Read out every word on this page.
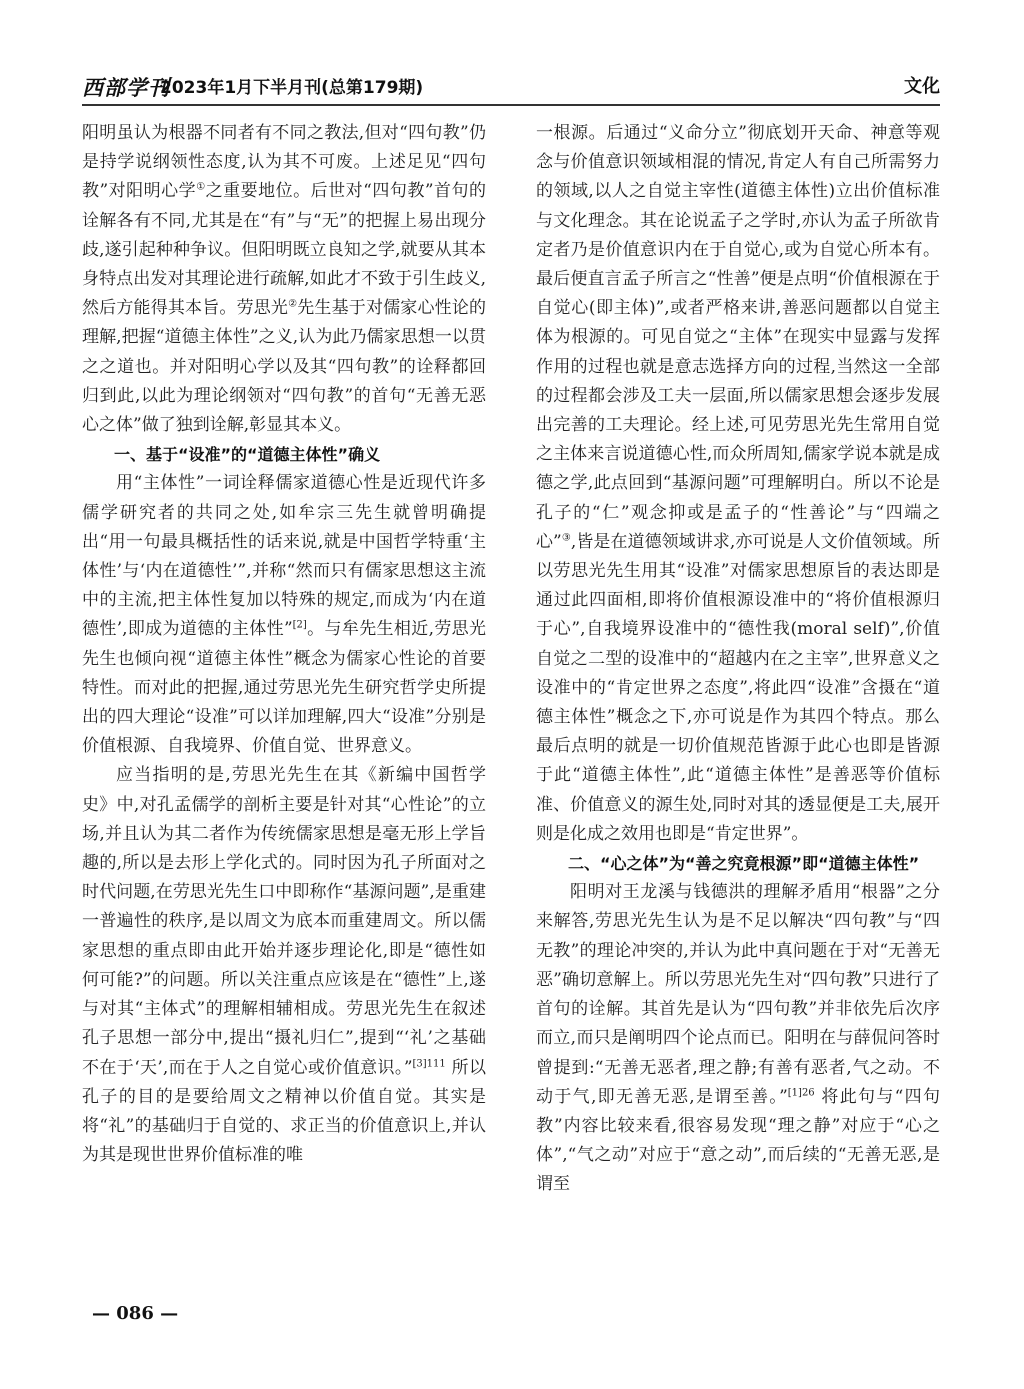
西部学刊
2023年1月下半月刊(总第179期)	文化

阳明虽认为根器不同者有不同之教法,但对“四句教”仍是持学说纲领性态度,认为其不可废。上述足见“四句教”对阳明心学①之重要地位。后世对“四句教”首句的诠解各有不同,尤其是在“有”与“无”的把握上易出现分歧,遂引起种种争议。但阳明既立良知之学,就要从其本身特点出发对其理论进行疏解,如此才不致于引生歧义,然后方能得其本旨。劳思光②先生基于对儒家心性论的理解,把握“道德主体性”之义,认为此乃儒家思想一以贯之之道也。并对阳明心学以及其“四句教”的诠释都回归到此,以此为理论纲领对“四句教”的首句“无善无恶心之体”做了独到诠解,彰显其本义。

一、基于“设准”的“道德主体性”确义

用“主体性”一词诠释儒家道德心性是近现代许多儒学研究者的共同之处,如牟宗三先生就曾明确提出“用一句最具概括性的话来说,就是中国哲学特重‘主体性’与‘内在道德性’”,并称“然而只有儒家思想这主流中的主流,把主体性复加以特殊的规定,而成为‘内在道德性’,即成为道德的主体性”[2]。与牟先生相近,劳思光先生也倾向视“道德主体性”概念为儒家心性论的首要特性。而对此的把握,通过劳思光先生研究哲学史所提出的四大理论“设准”可以详加理解,四大“设准”分别是价值根源、自我境界、价值自觉、世界意义。

应当指明的是,劳思光先生在其《新编中国哲学史》中,对孔孟儒学的剖析主要是针对其“心性论”的立场,并且认为其二者作为传统儒家思想是毫无形上学旨趣的,所以是去形上学化式的。同时因为孔子所面对之时代问题,在劳思光先生口中即称作“基源问题”,是重建一普遍性的秩序,是以周文为底本而重建周文。所以儒家思想的重点即由此开始并逐步理论化,即是“德性如何可能?”的问题。所以关注重点应该是在“德性”上,遂与对其“主体式”的理解相辅相成。劳思光先生在叙述孔子思想一部分中,提出“摄礼归仁”,提到“‘礼’之基础不在于‘天’,而在于人之自觉心或价值意识。”$^{[3]111}$ 所以孔子的目的是要给周文之精神以价值自觉。其实是将“礼”的基础归于自觉的、求正当的价值意识上,并认为其是现世世界价值标准的唯

一根源。后通过“义命分立”彻底划开天命、神意等观念与价值意识领域相混的情况,肯定人有自己所需努力的领域,以人之自觉主宰性(道德主体性)立出价值标准与文化理念。其在论说孟子之学时,亦认为孟子所欲肯定者乃是价值意识内在于自觉心,或为自觉心所本有。最后便直言孟子所言之“性善”便是点明“价值根源在于自觉心(即主体)”,或者严格来讲,善恶问题都以自觉主体为根源的。可见自觉之“主体”在现实中显露与发挥作用的过程也就是意志选择方向的过程,当然这一全部的过程都会涉及工夫一层面,所以儒家思想会逐步发展出完善的工夫理论。经上述,可见劳思光先生常用自觉之主体来言说道德心性,而众所周知,儒家学说本就是成德之学,此点回到“基源问题”可理解明白。所以不论是孔子的“仁”观念抑或是孟子的“性善论”与“四端之心”③,皆是在道德领域讲求,亦可说是人文价值领域。所以劳思光先生用其“设准”对儒家思想原旨的表达即是通过此四面相,即将价值根源设准中的“将价值根源归于心”,自我境界设准中的“德性我(moral self)”,价值自觉之二型的设准中的“超越内在之主宰”,世界意义之设准中的“肯定世界之态度”,将此四“设准”含摄在“道德主体性”概念之下,亦可说是作为其四个特点。那么最后点明的就是一切价值规范皆源于此心也即是皆源于此“道德主体性”,此“道德主体性”是善恶等价值标准、价值意义的源生处,同时对其的透显便是工夫,展开则是化成之效用也即是“肯定世界”。

二、“心之体”为“善之究竟根源”即“道德主体性”

阳明对王龙溪与钱德洪的理解矛盾用“根器”之分来解答,劳思光先生认为是不足以解决“四句教”与“四无教”的理论冲突的,并认为此中真问题在于对“无善无恶”确切意解上。所以劳思光先生对“四句教”只进行了首句的诠解。其首先是认为“四句教”并非依先后次序而立,而只是阐明四个论点而已。阳明在与薛侃问答时曾提到:“无善无恶者,理之静;有善有恶者,气之动。不动于气,即无善无恶,是谓至善。”$^{[1]26}$ 将此句与“四句教”内容比较来看,很容易发现“理之静”对应于“心之体”,“气之动”对应于“意之动”,而后续的“无善无恶,是谓至

— 086 —
